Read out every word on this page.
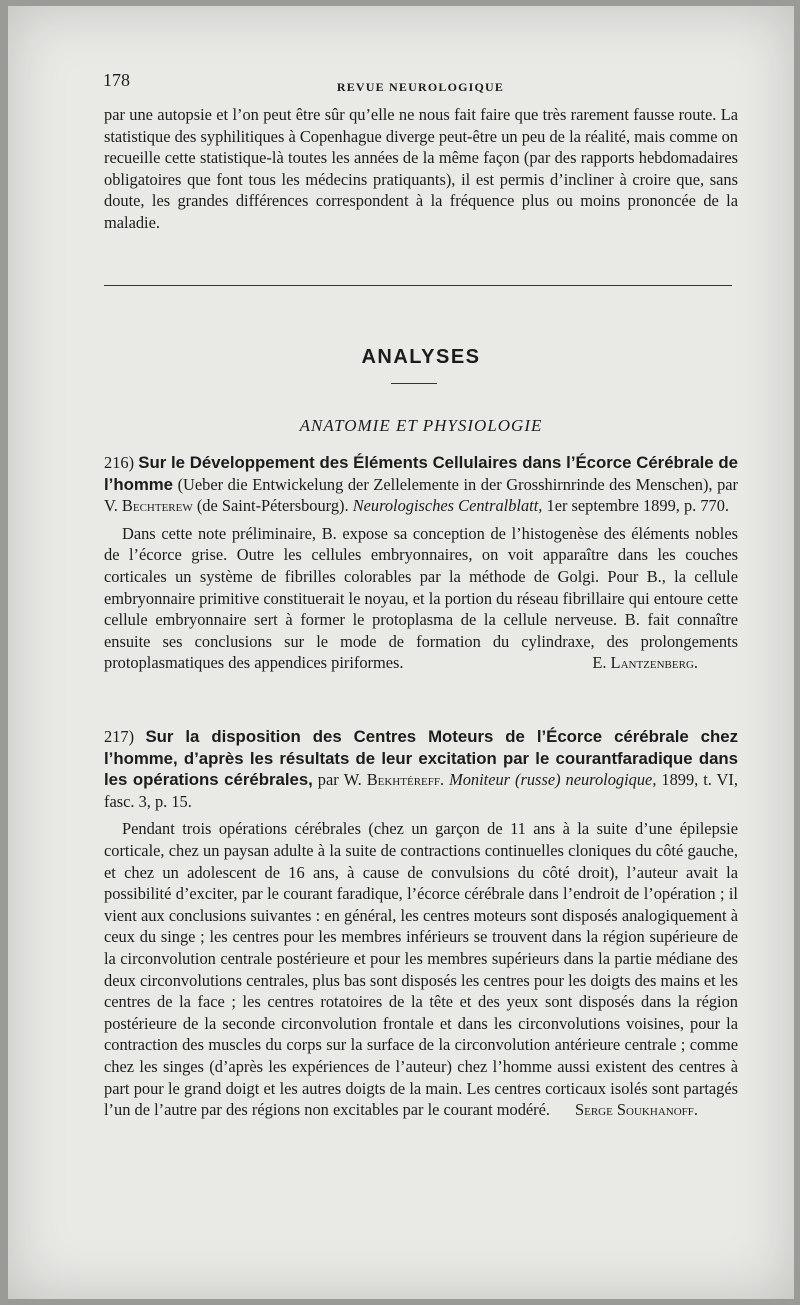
178	REVUE NEUROLOGIQUE
par une autopsie et l’on peut être sûr qu’elle ne nous fait faire que très rarement fausse route. La statistique des syphilitiques à Copenhague diverge peut-être un peu de la réalité, mais comme on recueille cette statistique-là toutes les années de la même façon (par des rapports hebdomadaires obligatoires que font tous les médecins pratiquants), il est permis d’incliner à croire que, sans doute, les grandes différences correspondent à la fréquence plus ou moins prononcée de la maladie.
ANALYSES
ANATOMIE ET PHYSIOLOGIE

216) Sur le Développement des Éléments Cellulaires dans l’Écorce Cérébrale de l’homme (Ueber die Entwickelung der Zellelemente in der Grosshirnrinde des Menschen), par V. Bechterew (de Saint-Pétersbourg). Neurologisches Centralblatt, 1er septembre 1899, p. 770.

Dans cette note préliminaire, B. expose sa conception de l’histogenèse des éléments nobles de l’écorce grise. Outre les cellules embryonnaires, on voit apparaître dans les couches corticales un système de fibrilles colorables par la méthode de Golgi. Pour B., la cellule embryonnaire primitive constituerait le noyau, et la portion du réseau fibrillaire qui entoure cette cellule embryonnaire sert à former le protoplasma de la cellule nerveuse. B. fait connaître ensuite ses conclusions sur le mode de formation du cylindraxe, des prolongements protoplasmatiques des appendices piriformes.	E. Lantzenberg.

217) Sur la disposition des Centres Moteurs de l’Écorce cérébrale chez l’homme, d’après les résultats de leur excitation par le courantfaradique dans les opérations cérébrales, par W. Bekhtéreff. Moniteur (russe) neurologique, 1899, t. VI, fasc. 3, p. 15.

Pendant trois opérations cérébrales (chez un garçon de 11 ans à la suite d’une épilepsie corticale, chez un paysan adulte à la suite de contractions continuelles cloniques du côté gauche, et chez un adolescent de 16 ans, à cause de convulsions du côté droit), l’auteur avait la possibilité d’exciter, par le courant faradique, l’écorce cérébrale dans l’endroit de l’opération ; il vient aux conclusions suivantes : en général, les centres moteurs sont disposés analogiquement à ceux du singe ; les centres pour les membres inférieurs se trouvent dans la région supérieure de la circonvolution centrale postérieure et pour les membres supérieurs dans la partie médiane des deux circonvolutions centrales, plus bas sont disposés les centres pour les doigts des mains et les centres de la face ; les centres rotatoires de la tête et des yeux sont disposés dans la région postérieure de la seconde circonvolution frontale et dans les circonvolutions voisines, pour la contraction des muscles du corps sur la surface de la circonvolution antérieure centrale ; comme chez les singes (d’après les expériences de l’auteur) chez l’homme aussi existent des centres à part pour le grand doigt et les autres doigts de la main. Les centres corticaux isolés sont partagés l’un de l’autre par des régions non excitables par le courant modéré.	Serge Soukhanoff.
